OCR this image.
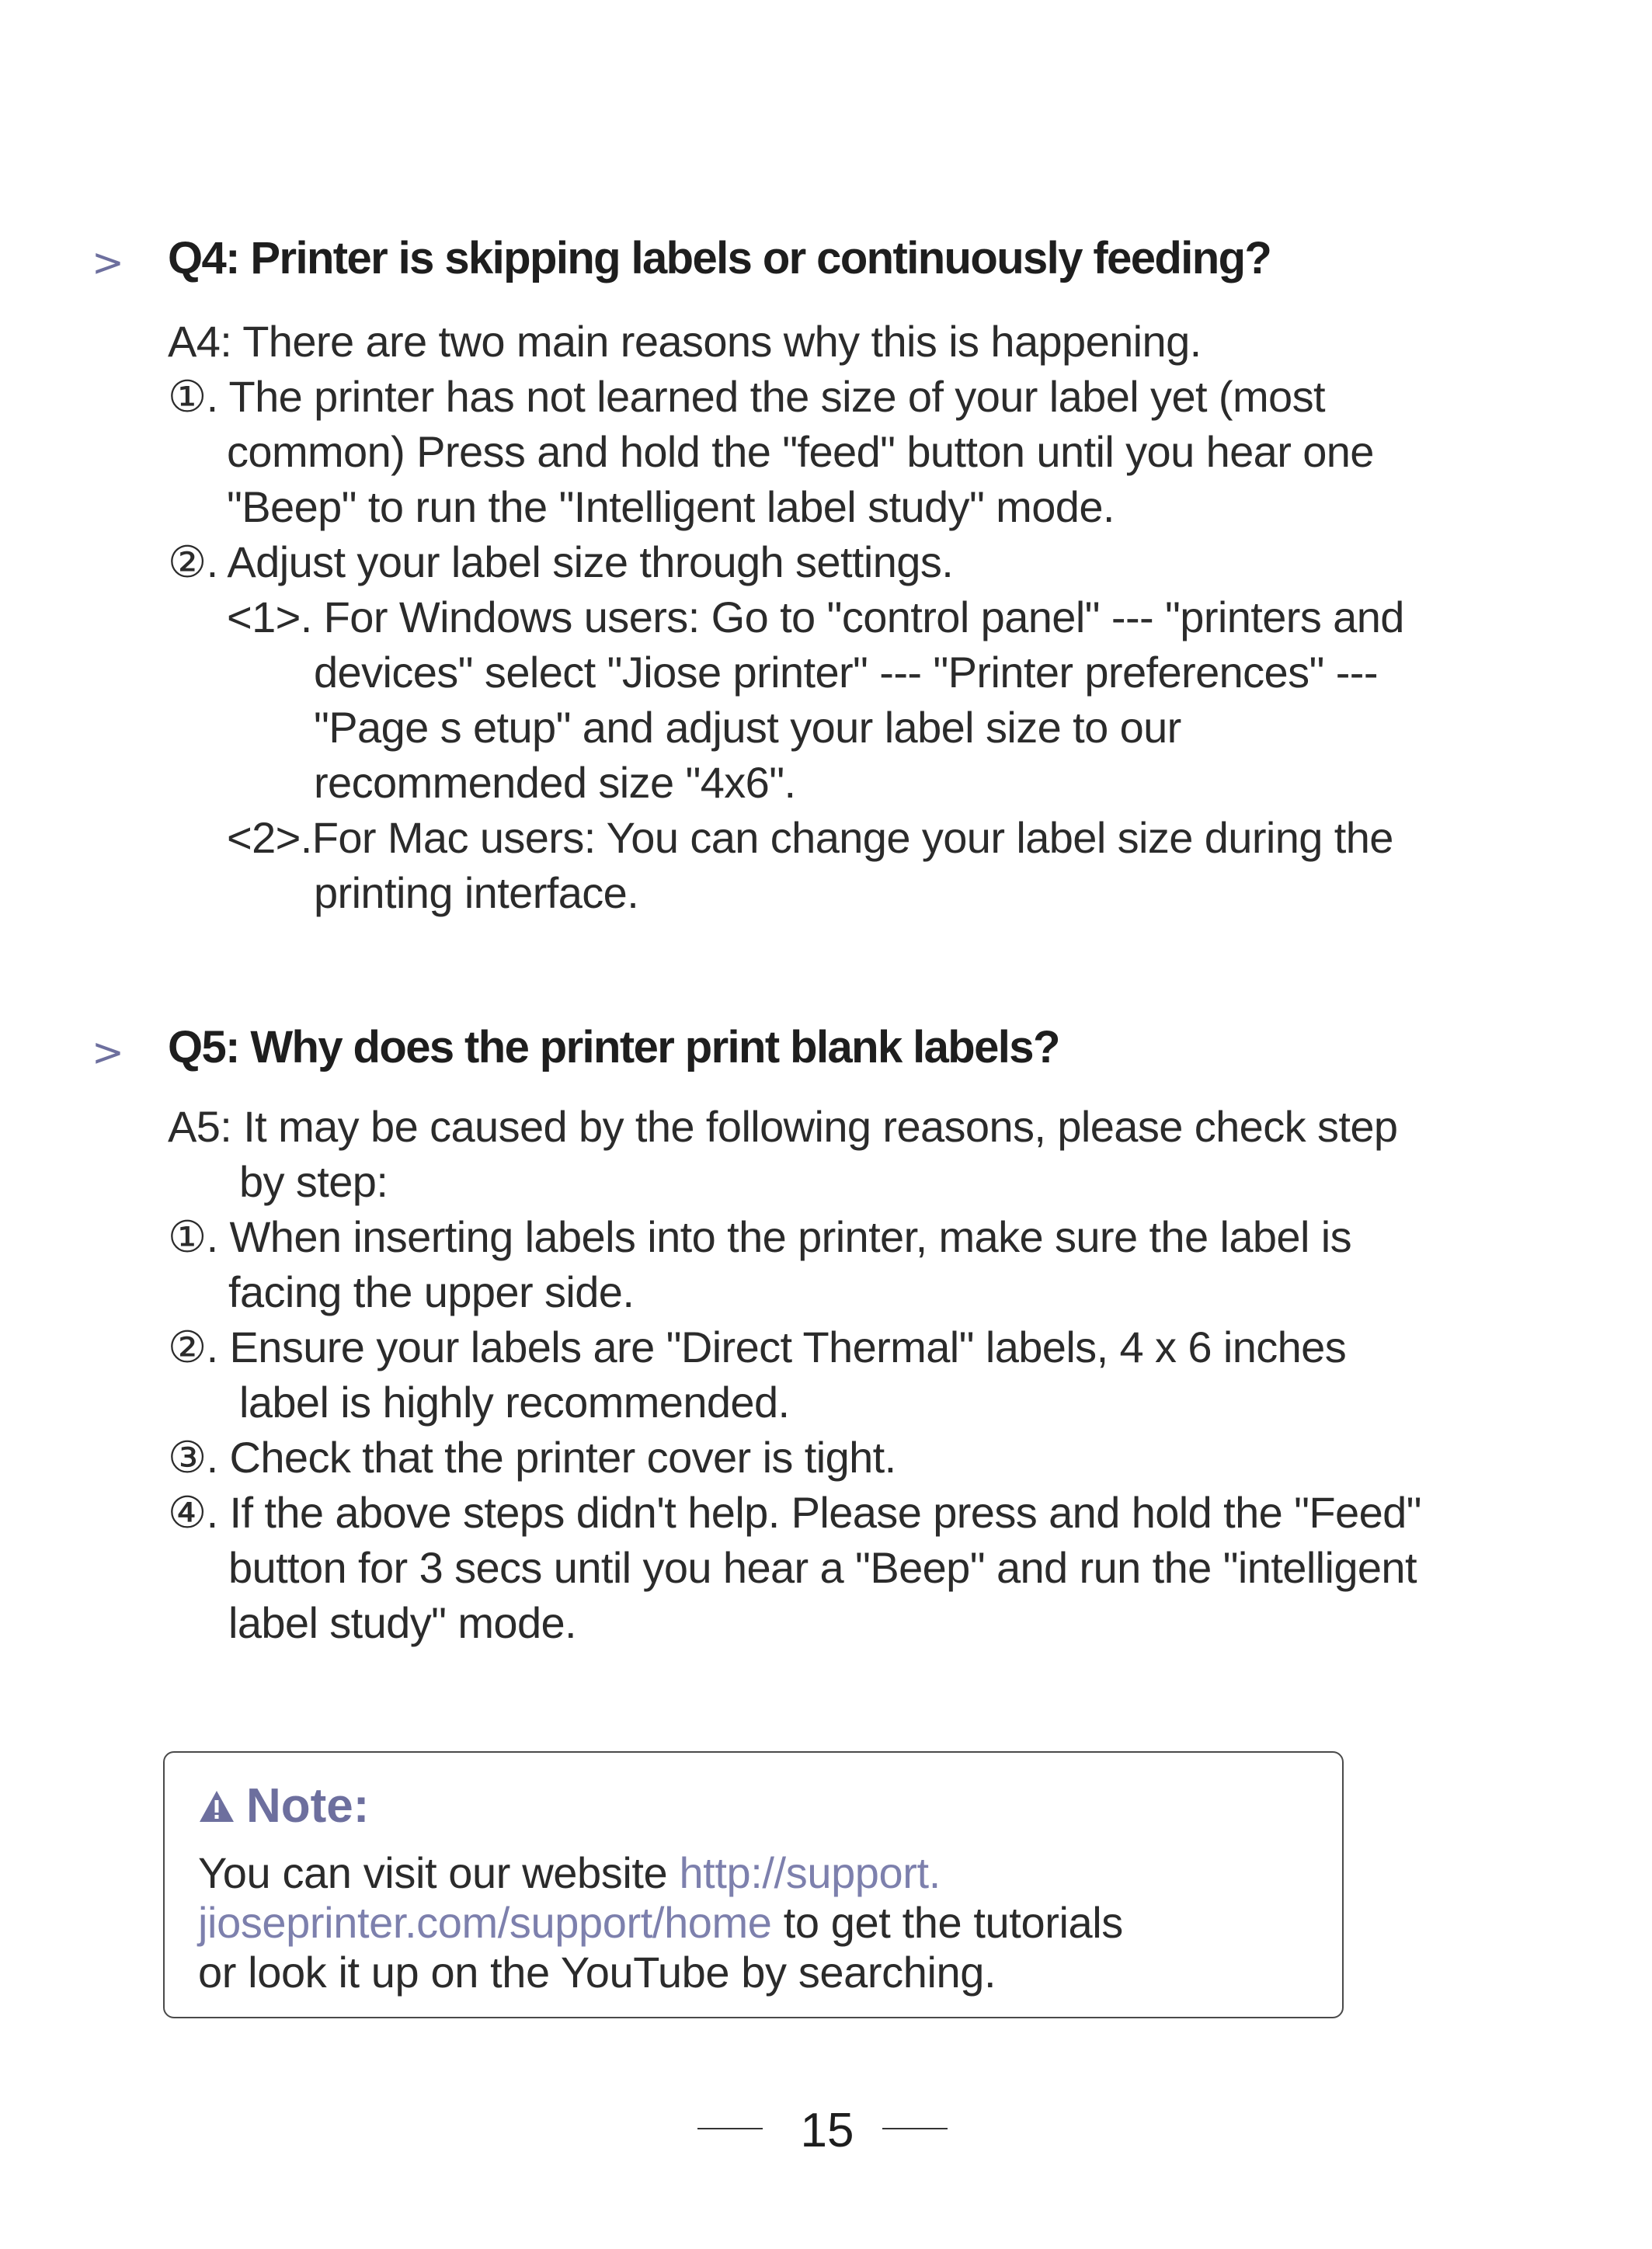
> Q4: Printer is skipping labels or continuously feeding?
A4: There are two main reasons why this is happening.
①. The printer has not learned the size of your label yet (most
common) Press and hold the "feed" button until you hear one
"Beep" to run the "Intelligent label study" mode.
②. Adjust your label size through settings.
<1>. For Windows users: Go to "control panel" --- "printers and
devices" select "Jiose printer" --- "Printer preferences" ---
"Page s etup" and adjust your label size to our
recommended size "4x6".
<2>.For Mac users: You can change your label size during the
printing interface.
> Q5: Why does the printer print blank labels?
A5: It may be caused by the following reasons, please check step
by step:
①. When inserting labels into the printer, make sure the label is
facing the upper side.
②. Ensure your labels are "Direct Thermal" labels, 4 x 6 inches
label is highly recommended.
③. Check that the printer cover is tight.
④. If the above steps didn't help. Please press and hold the "Feed"
button for 3 secs until you hear a "Beep" and run the "intelligent
label study" mode.
Note:
You can visit our website http://support.
jioseprinter.com/support/home to get the tutorials
or look it up on the YouTube by searching.
15
